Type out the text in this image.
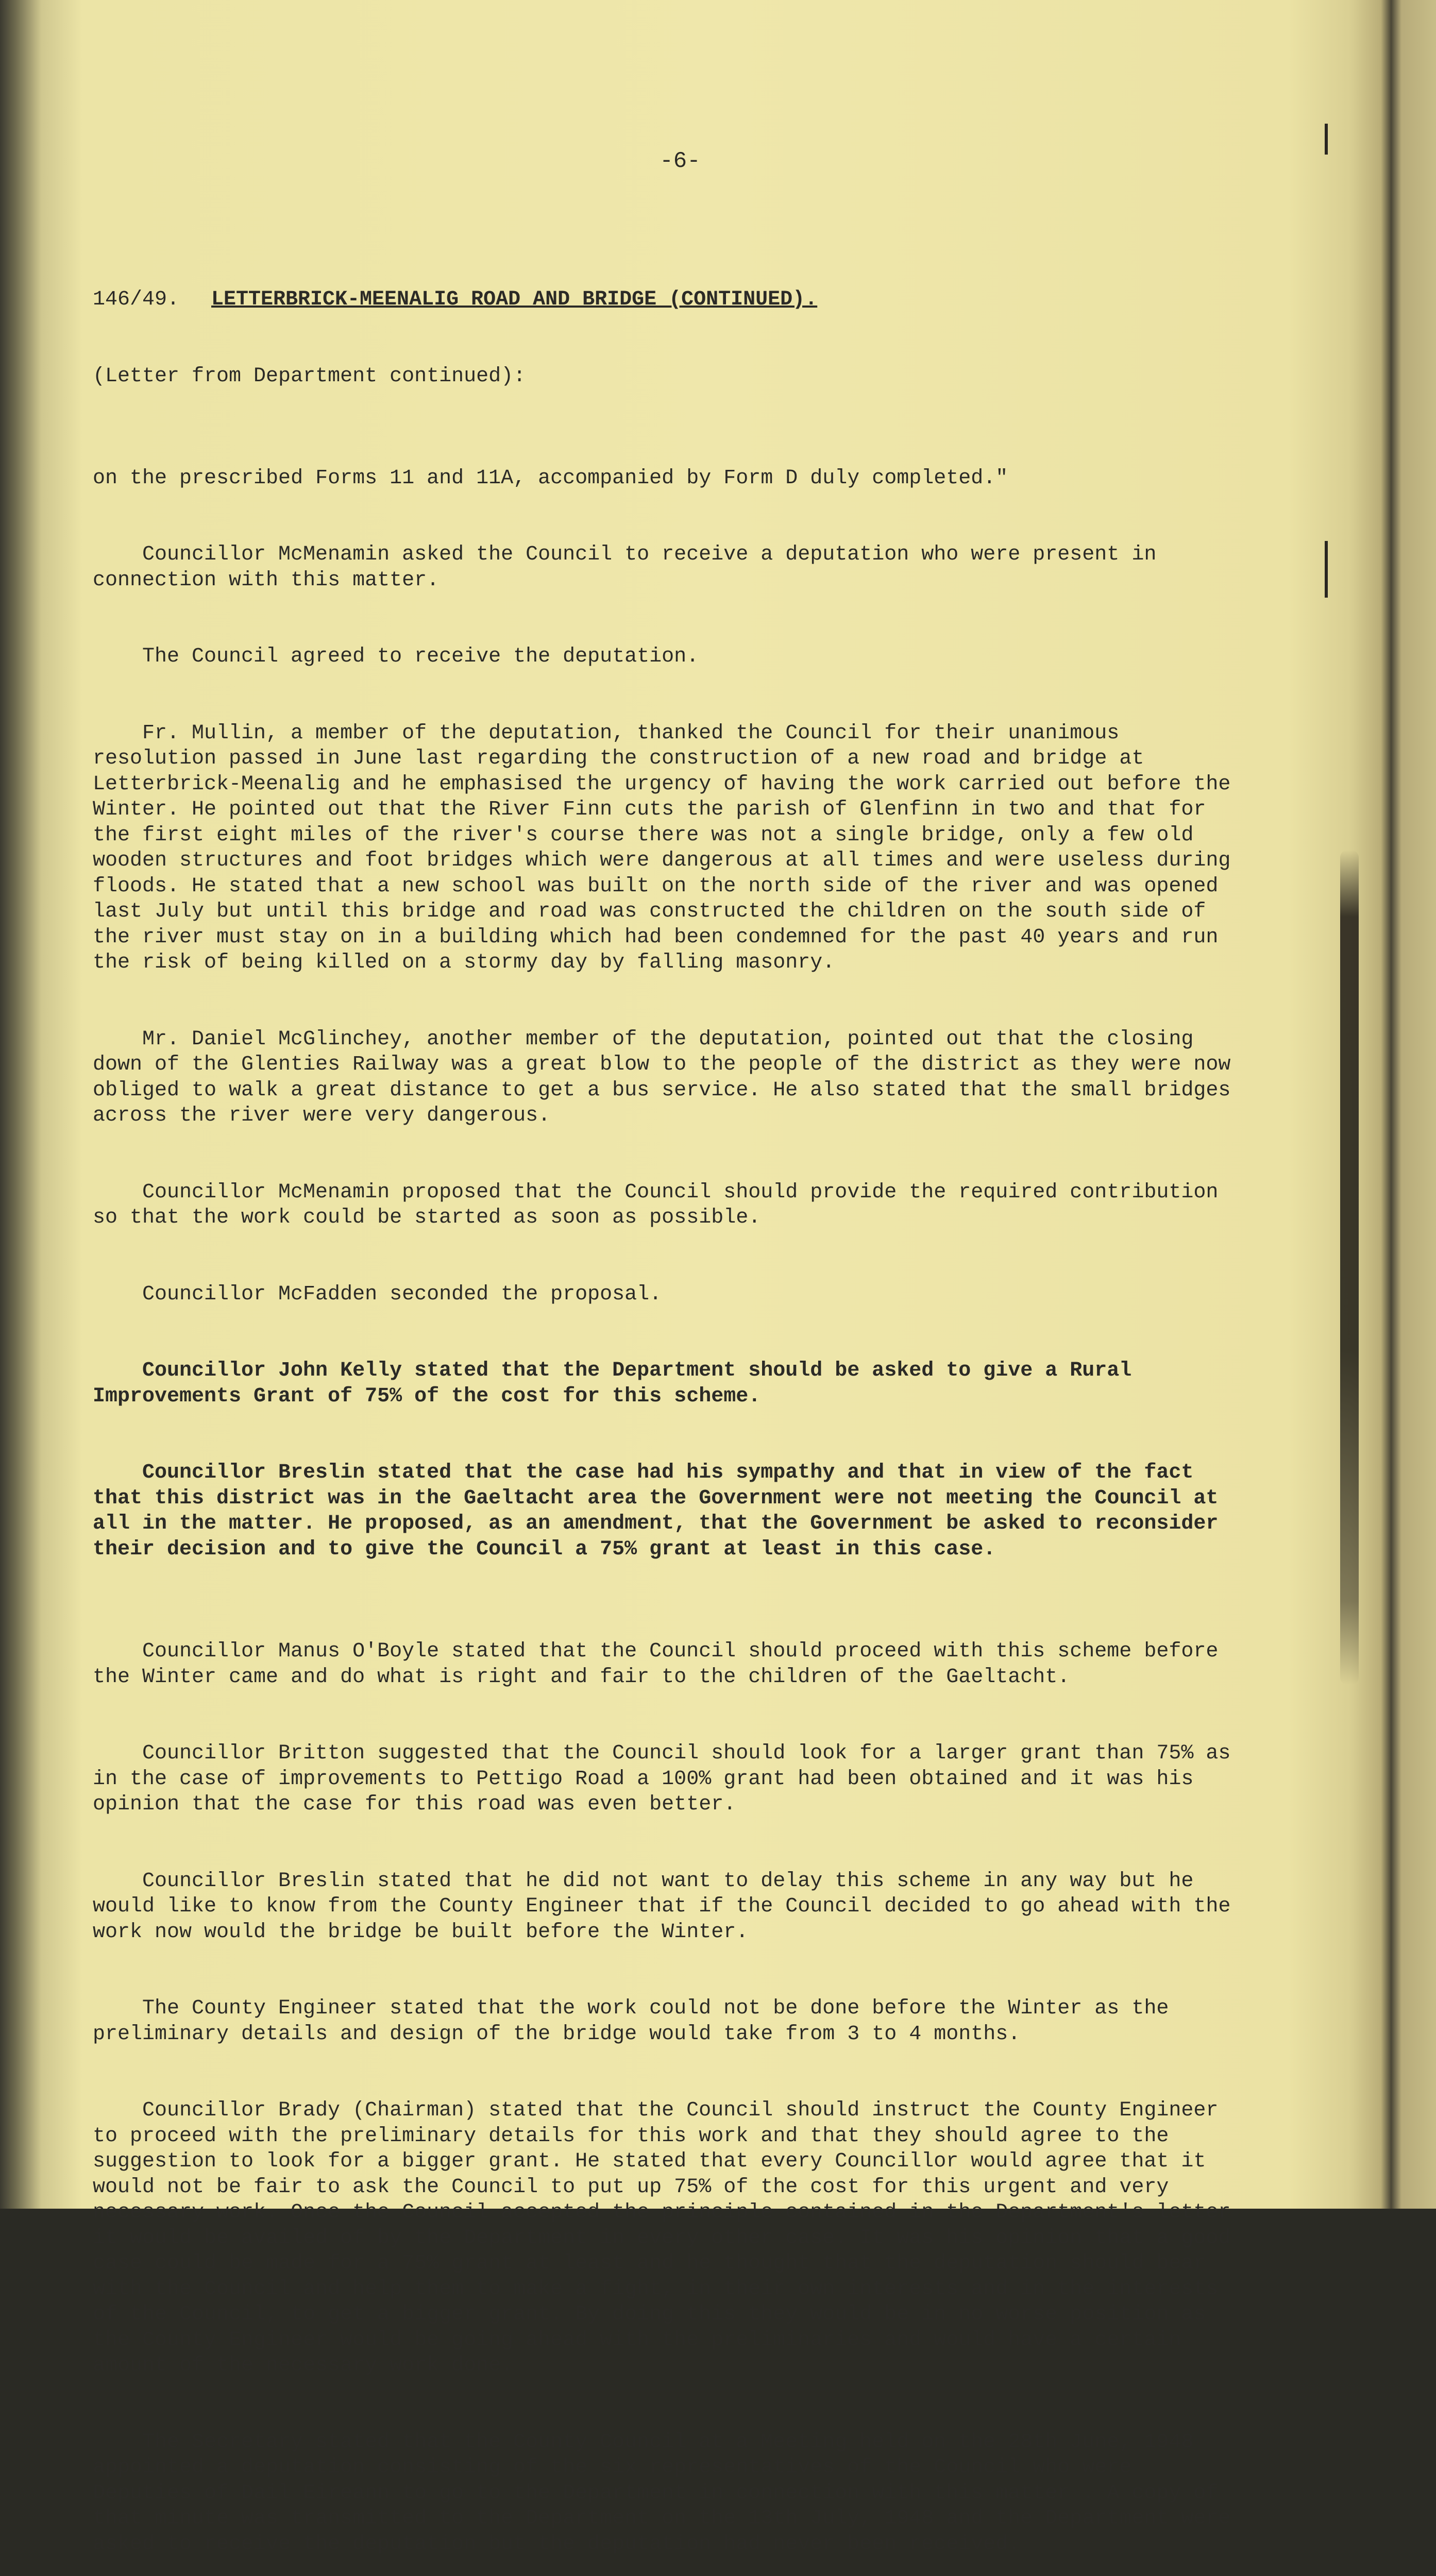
-6-

146/49. LETTERBRICK-MEENALIG ROAD AND BRIDGE (CONTINUED).

(Letter from Department continued):

on the prescribed Forms 11 and 11A, accompanied by Form D duly completed."

Councillor McMenamin asked the Council to receive a deputation who were present in connection with this matter.

The Council agreed to receive the deputation.

Fr. Mullin, a member of the deputation, thanked the Council for their unanimous resolution passed in June last regarding the construction of a new road and bridge at Letterbrick-Meenalig and he emphasised the urgency of having the work carried out before the Winter. He pointed out that the River Finn cuts the parish of Glenfinn in two and that for the first eight miles of the river's course there was not a single bridge, only a few old wooden structures and foot bridges which were dangerous at all times and were useless during floods. He stated that a new school was built on the north side of the river and was opened last July but until this bridge and road was constructed the children on the south side of the river must stay on in a building which had been condemned for the past 40 years and run the risk of being killed on a stormy day by falling masonry.

Mr. Daniel McGlinchey, another member of the deputation, pointed out that the closing down of the Glenties Railway was a great blow to the people of the district as they were now obliged to walk a great distance to get a bus service. He also stated that the small bridges across the river were very dangerous.

Councillor McMenamin proposed that the Council should provide the required contribution so that the work could be started as soon as possible.

Councillor McFadden seconded the proposal.

Councillor John Kelly stated that the Department should be asked to give a Rural Improvements Grant of 75% of the cost for this scheme.

Councillor Breslin stated that the case had his sympathy and that in view of the fact that this district was in the Gaeltacht area the Government were not meeting the Council at all in the matter. He proposed, as an amendment, that the Government be asked to reconsider their decision and to give the Council a 75% grant at least in this case.

Councillor Manus O'Boyle stated that the Council should proceed with this scheme before the Winter came and do what is right and fair to the children of the Gaeltacht.

Councillor Britton suggested that the Council should look for a larger grant than 75% as in the case of improvements to Pettigo Road a 100% grant had been obtained and it was his opinion that the case for this road was even better.

Councillor Breslin stated that he did not want to delay this scheme in any way but he would like to know from the County Engineer that if the Council decided to go ahead with the work now would the bridge be built before the Winter.

The County Engineer stated that the work could not be done before the Winter as the preliminary details and design of the bridge would take from 3 to 4 months.

Councillor Brady (Chairman) stated that the Council should instruct the County Engineer to proceed with the preliminary details for this work and that they should agree to the suggestion to look for a bigger grant. He stated that every Councillor would agree that it would not be fair to ask the Council to put up 75% of the cost for this urgent and very necessary work. Once the Council accepted the principle contained in the Department's letter it would be availed of by the Department in every other case. It was his opinion that a good case could be made for a 75% grant at least and he thought that the deputation should bear with the Council and help them to make a fight, in their own interests and in the interests of the Council, to get a bigger grant. By doing this they would be in no worse position as the County Engineer would be going ahead with the preliminaries and would have a certain amount of the necessary work done.

The Secretary stated that the County Council at a Meeting held on the 28th June, 1948 appointed a deputation consisting of the six representatives of the Council who were Deputies of Dail Eireann to go to the Department in connection with this matter . A copy of that minute was transmitted to the Department on the 13th July, 1948 and the Department were asked to receive the deputation but the deputation had never been received.
